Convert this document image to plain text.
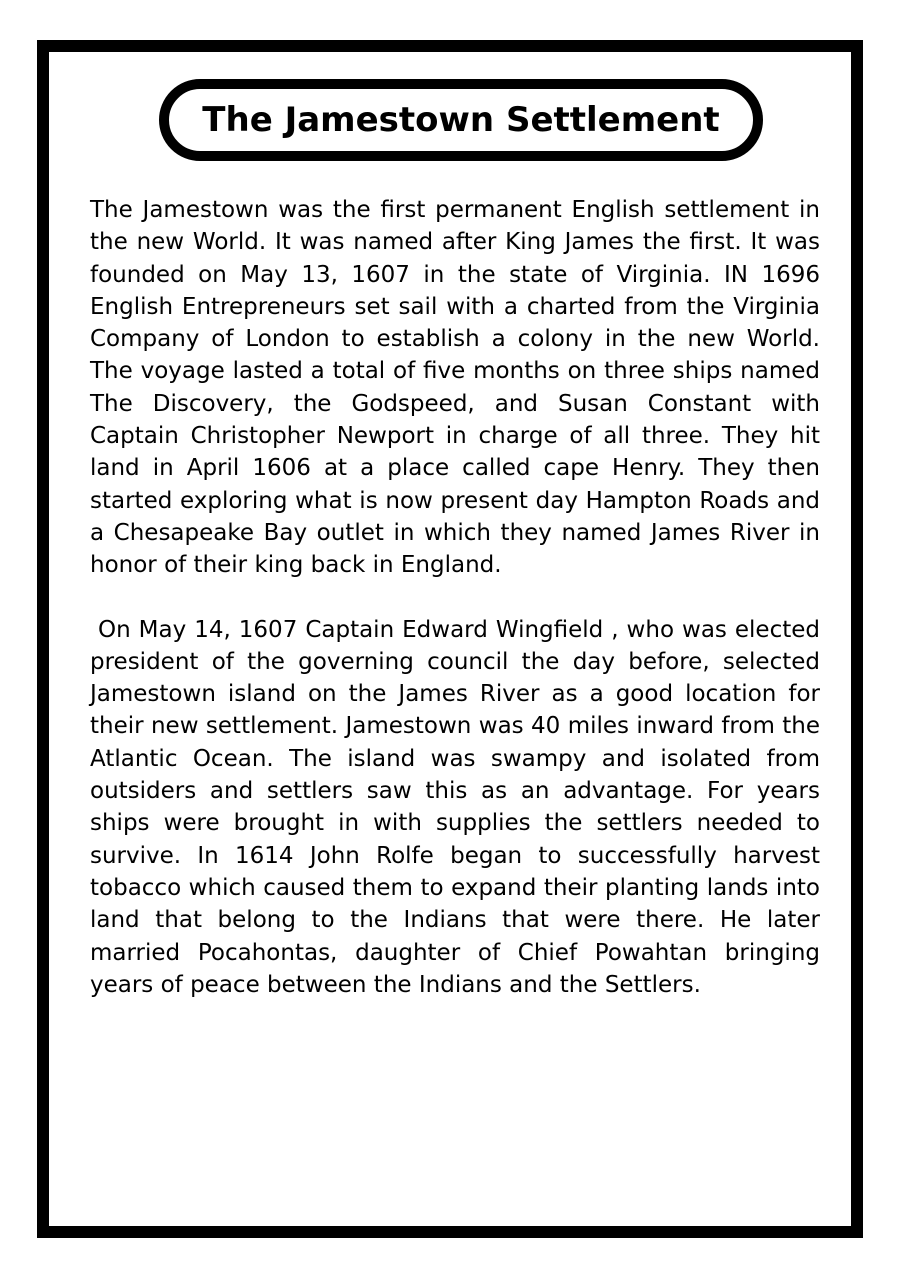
The Jamestown Settlement

The Jamestown was the first permanent English settlement in the new World. It was named after King James the first. It was founded on May 13, 1607 in the state of Virginia. IN 1696 English Entrepreneurs set sail with a charted from the Virginia Company of London to establish a colony in the new World. The voyage lasted a total of five months on three ships named The Discovery, the Godspeed, and Susan Constant with Captain Christopher Newport in charge of all three. They hit land in April 1606 at a place called cape Henry. They then started exploring what is now present day Hampton Roads and a Chesapeake Bay outlet in which they named James River in honor of their king back in England.

On May 14, 1607 Captain Edward Wingfield , who was elected president of the governing council the day before, selected Jamestown island on the James River as a good location for their new settlement. Jamestown was 40 miles inward from the Atlantic Ocean. The island was swampy and isolated from outsiders and settlers saw this as an advantage. For years ships were brought in with supplies the settlers needed to survive. In 1614 John Rolfe began to successfully harvest tobacco which caused them to expand their planting lands into land that belong to the Indians that were there. He later married Pocahontas, daughter of Chief Powahtan bringing years of peace between the Indians and the Settlers.
